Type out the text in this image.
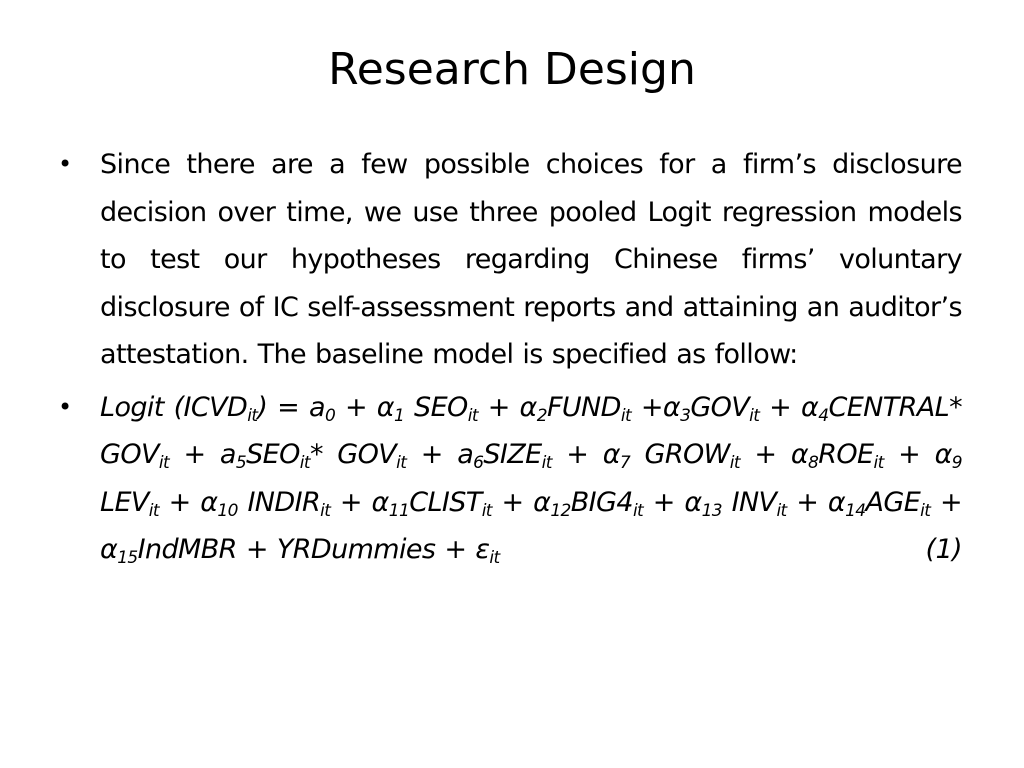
Research Design
• Since there are a few possible choices for a firm’s disclosure decision over time, we use three pooled Logit regression models to test our hypotheses regarding Chinese firms’ voluntary disclosure of IC self-assessment reports and attaining an auditor’s attestation. The baseline model is specified as follow:
• Logit $(ICVD_{it}) = a_0 + \alpha_1$ $SEO_{it}$ + $\alpha_2FUND_{it} +\alpha_3GOV_{it}$ + $\alpha_4CENTRAL*$ $GOV_{it} + a_5SEO_{it}*$ $GOV_{it}$ + $a_6SIZE_{it} + \alpha_7$ $GROW_{it} + \alpha_8ROE_{it} + \alpha_9$ $LEV_{it} + \alpha_{10}$ $INDIR_{it}$ + $\alpha_{11}CLIST_{it} + \alpha_{12}BIG4_{it} + \alpha_{13}$ $INV_{it} + \alpha_{14}AGE_{it}$ + $\alpha_{15}IndMBR$ + YRDummies + $\varepsilon_{it}$	(1)
